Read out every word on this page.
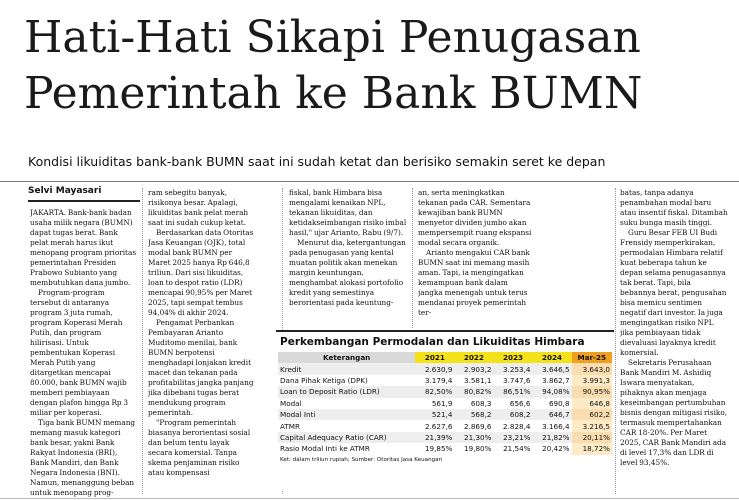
Hati-Hati Sikapi Penugasan Pemerintah ke Bank BUMN

Kondisi likuiditas bank-bank BUMN saat ini sudah ketat dan berisiko semakin seret ke depan

Selvi Mayasari

JAKARTA. Bank-bank badan usaha milik negara (BUMN) dapat tugas berat. Bank pelat merah harus ikut menopang program prioritas pemerintahan Presiden Prabowo Subianto yang membutuhkan dana jumbo.

Program-program tersebut di antaranya program 3 juta rumah, program Koperasi Merah Putih, dan program hilirisasi. Untuk pembentukan Koperasi Merah Putih yang ditargetkan mencapai 80.000, bank BUMN wajib memberi pembiayaan dengan plafon hingga Rp 3 miliar per koperasi.

Tiga bank BUMN memang memang masuk kategori bank besar, yakni Bank Rakyat Indonesia (BRI), Bank Mandiri, dan Bank Negara Indonesia (BNI). Namun, menanggung beban untuk menopang prog-

ram sebegitu banyak, risikonya besar. Apalagi, likuiditas bank pelat merah saat ini sudah cukup ketat.

Berdasarkan data Otoritas Jasa Keuangan (OJK), total modal bank BUMN per Maret 2025 hanya Rp 646,8 triliun. Dari sisi likuiditas, loan to despot ratio (LDR) mencapai 90,95% per Maret 2025, tapi sempat tembus 94,04% di akhir 2024.

Pengamat Perbankan Pembayaran Arianto Muditomo menilai, bank BUMN berpotensi menghadapi lonjakan kredit macet dan tekanan pada profitabilitas jangka panjang jika dibebani tugas berat mendukung program pemerintah.

"Program pemerintah biasanya berorientasi sosial dan belum tentu layak secara komersial. Tanpa skema penjaminan risiko atau kompensasi

fiskal, bank Himbara bisa mengalami kenaikan NPL, tekanan likuiditas, dan ketidakseimbangan risiko imbal hasil," ujar Arianto, Rabu (9/7).

Menurut dia, ketergantungan pada penugasan yang kental muatan politik akan menekan margin keuntungan, menghambat alokasi portofolio kredit yang semestinya berorientasi pada keuntung-

an, serta meningkatkan tekanan pada CAR. Sementara kewajiban bank BUMN menyetor dividen jumbo akan mempersempit ruang ekspansi modal secara organik.

Arianto mengakui CAR bank BUMN saat ini memang masih aman. Tapi, ia mengingatkan kemampuan bank dalam jangka menengah untuk terus mendanai proyek pemerintah ter-

batas, tanpa adanya penambahan modal baru atau insentif fiskal. Ditambah suku bunga masih tinggi.

Guru Besar FEB UI Budi Frensidy memperkirakan, permodalan Himbara relatif kuat beberapa tahun ke depan selama penugasannya tak berat. Tapi, bila bebannya berat, pengusahan bisa memicu sentimen negatif dari investor. Ia juga mengingatkan risiko NPL jika pembiayaan tidak dievaluasi layaknya kredit komersial.

Sekretaris Perusahaan Bank Mandiri M. Ashidiq Iswara menyatakan, pihaknya akan menjaga keseimbangan pertumbuhan bisnis dengan mitigasi risiko, termasuk mempertahankan CAR 18-20%. Per Maret 2025, CAR Bank Mandiri ada di level 17,3% dan LDR di level 93,45%.

Perkembangan Permodalan dan Likuiditas Himbara
Keterangan	2021	2022	2023	2024	Mar-25
Kredit	2.630,9	2.903,2	3.253,4	3.646,5	3.643,0
Dana Pihak Ketiga (DPK)	3.179,4	3.581,1	3.747,6	3.862,7	3.991,3
Loan to Deposit Ratio (LDR)	82,50%	80,82%	86,51%	94,08%	90,95%
Modal	561,9	608,3	656,6	690,8	646,8
Modal Inti	521,4	568,2	608,2	646,7	602,2
ATMR	2.627,6	2.869,6	2.828,4	3.166,4	3.216,5
Capital Adequacy Ratio (CAR)	21,39%	21,30%	23,21%	21,82%	20,11%
Rasio Modal Inti ke ATMR	19,85%	19,80%	21,54%	20,42%	18,72%
Ket: dalam triliun rupiah; Sumber: Otoritas Jasa Keuangan
